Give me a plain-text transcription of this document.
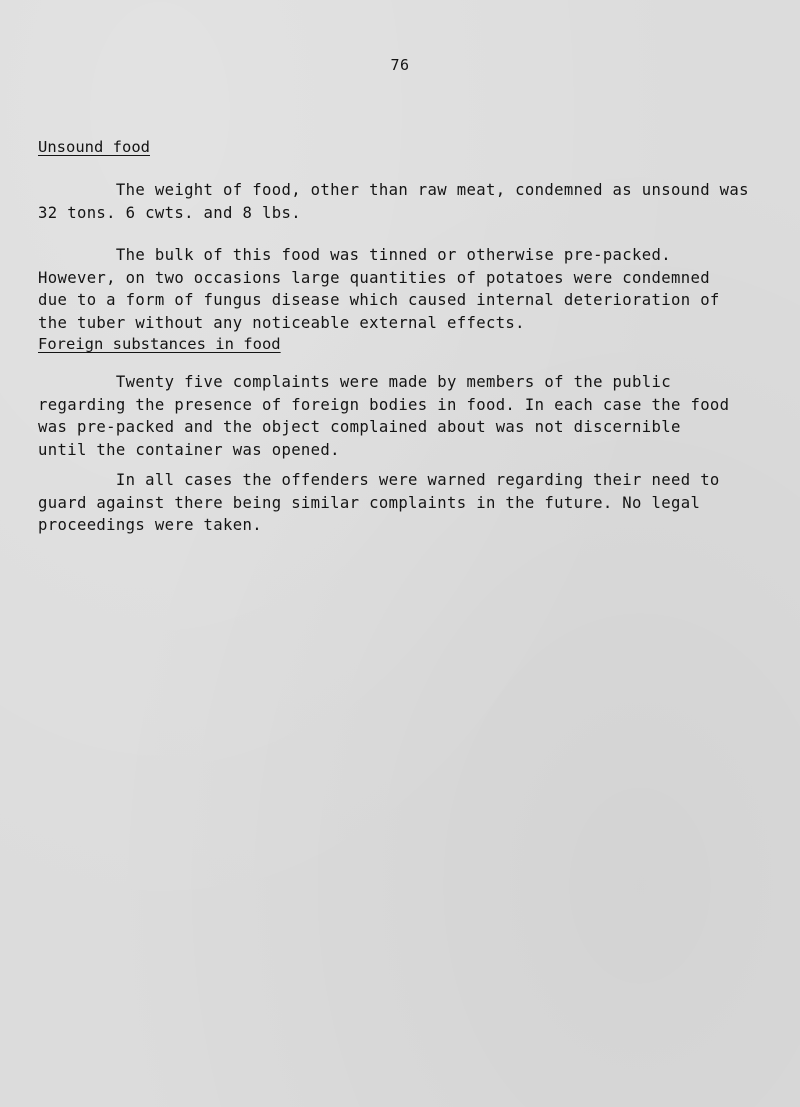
76
Unsound food
The weight of food, other than raw meat, condemned as unsound was
32 tons. 6 cwts. and 8 lbs.
The bulk of this food was tinned or otherwise pre-packed.
However, on two occasions large quantities of potatoes were condemned
due to a form of fungus disease which caused internal deterioration of
the tuber without any noticeable external effects.
Foreign substances in food
Twenty five complaints were made by members of the public
regarding the presence of foreign bodies in food. In each case the food
was pre-packed and the object complained about was not discernible
until the container was opened.
In all cases the offenders were warned regarding their need to
guard against there being similar complaints in the future. No legal
proceedings were taken.
